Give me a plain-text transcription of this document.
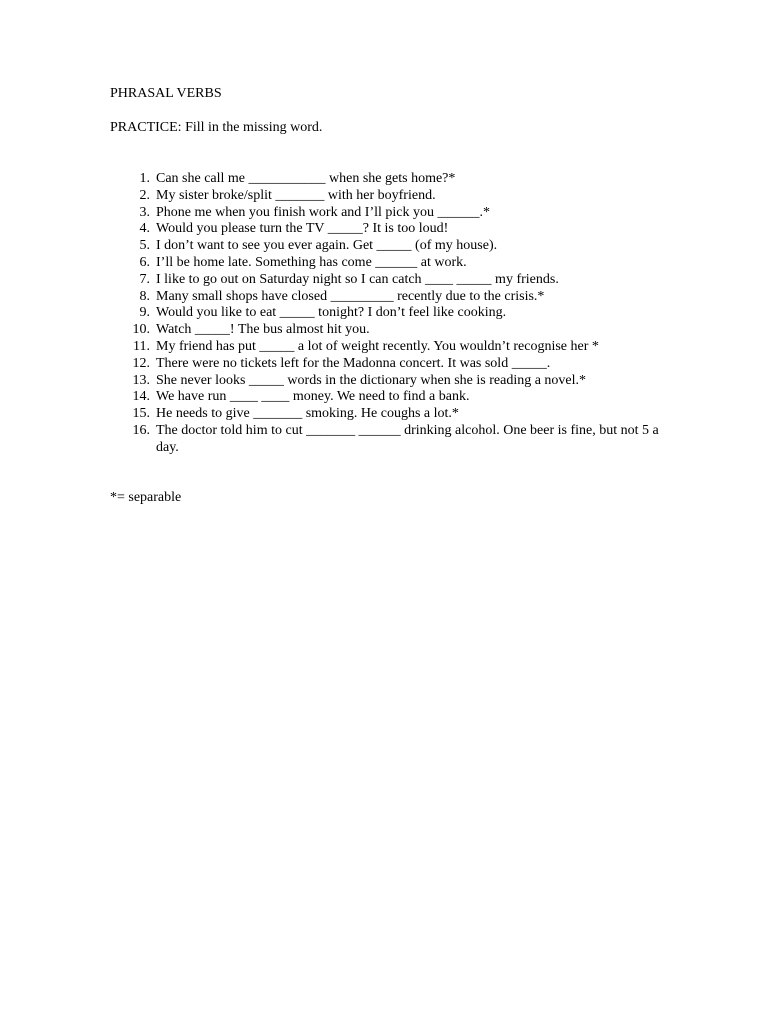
PHRASAL VERBS

PRACTICE: Fill in the missing word.

1. Can she call me ___________ when she gets home?*
2. My sister broke/split _______ with her boyfriend.
3. Phone me when you finish work and I’ll pick you ______.*
4. Would you please turn the TV _____? It is too loud!
5. I don’t want to see you ever again. Get _____ (of my house).
6. I’ll be home late. Something has come ______ at work.
7. I like to go out on Saturday night so I can catch ____ _____ my friends.
8. Many small shops have closed _________ recently due to the crisis.*
9. Would you like to eat _____ tonight? I don’t feel like cooking.
10. Watch _____! The bus almost hit you.
11. My friend has put _____ a lot of weight recently. You wouldn’t recognise her *
12. There were no tickets left for the Madonna concert. It was sold _____.
13. She never looks _____ words in the dictionary when she is reading a novel.*
14. We have run ____ ____ money. We need to find a bank.
15. He needs to give _______ smoking. He coughs a lot.*
16. The doctor told him to cut _______ ______ drinking alcohol. One beer is fine, but not 5 a day.

*= separable
